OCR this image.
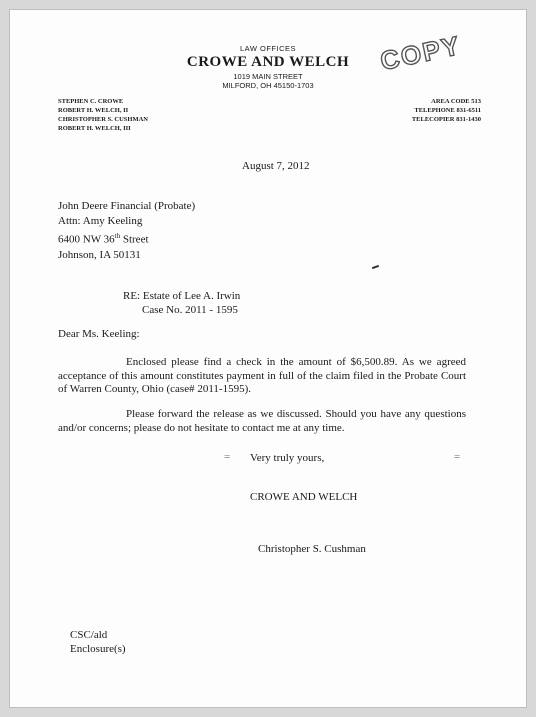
LAW OFFICES
CROWE AND WELCH
1019 MAIN STREET
MILFORD, OH 45150-1703
COPY
STEPHEN C. CROWE
ROBERT H. WELCH, II
CHRISTOPHER S. CUSHMAN
ROBERT H. WELCH, III
AREA CODE 513
TELEPHONE 831-6511
TELECOPIER 831-1430
August 7, 2012
John Deere Financial (Probate)
Attn: Amy Keeling
6400 NW 36th Street
Johnson, IA 50131
RE: Estate of Lee A. Irwin
Case No. 2011 - 1595
Dear Ms. Keeling:
Enclosed please find a check in the amount of $6,500.89. As we agreed acceptance of this amount constitutes payment in full of the claim filed in the Probate Court of Warren County, Ohio (case# 2011-1595).
Please forward the release as we discussed. Should you have any questions and/or concerns; please do not hesitate to contact me at any time.
= Very truly yours,	=
CROWE AND WELCH
Christopher S. Cushman
CSC/ald
Enclosure(s)
